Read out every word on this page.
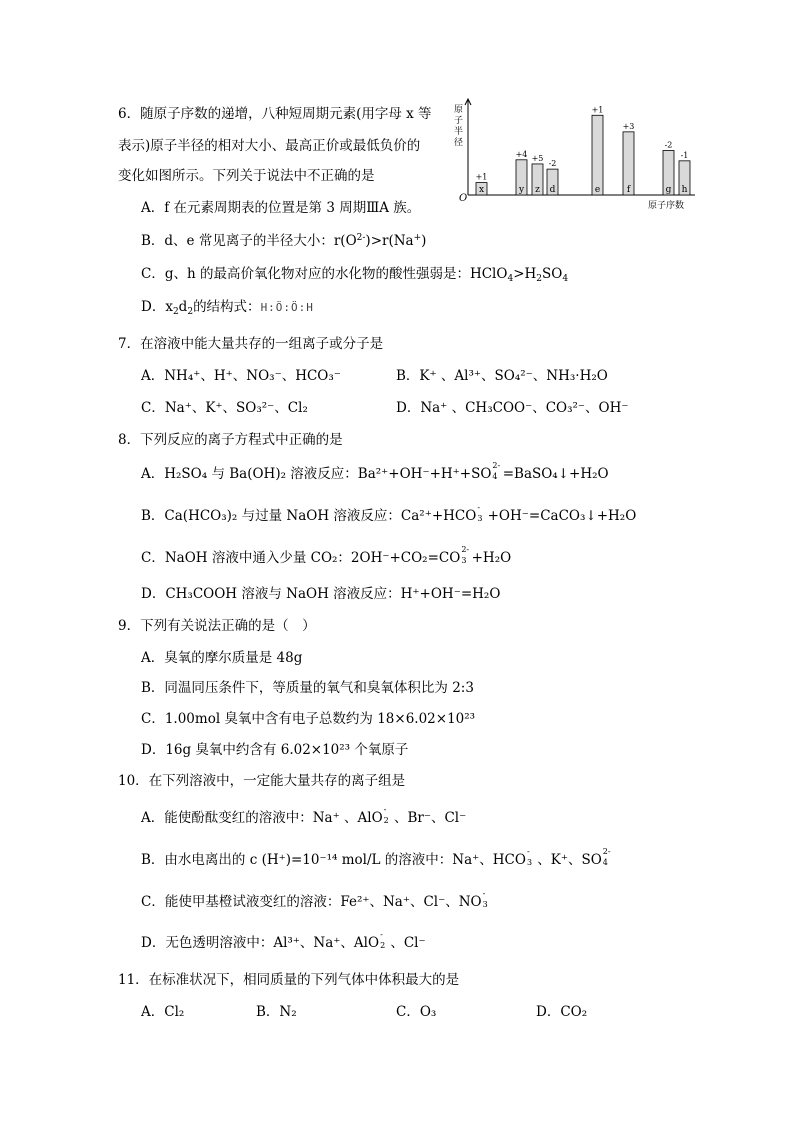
6．随原子序数的递增，八种短周期元素(用字母 x 等
表示)原子半径的相对大小、最高正价或最低负价的
变化如图所示。下列关于说法中不正确的是
A．f 在元素周期表的位置是第 3 周期ⅢA 族。
B．d、e 常见离子的半径大小：$r(O^{2-})>r(Na^+)$
C．g、h 的最高价氧化物对应的水化物的酸性强弱是：$HClO_4>H_2SO_4$
D．$x_2d_2$的结构式：H:Ö:Ö:H
O
原子半径
原子序数
x
+1
y
+4
z
+5
d
-2
e
+1
f
+3
g
-2
h
-1
7．在溶液中能大量共存的一组离子或分子是
A．NH₄⁺、H⁺、NO₃⁻、HCO₃⁻	B．K⁺ 、Al³⁺、SO₄²⁻、NH₃·H₂O
C．Na⁺、K⁺、SO₃²⁻、Cl₂	D．Na⁺ 、CH₃COO⁻、CO₃²⁻、OH⁻
8．下列反应的离子方程式中正确的是
A．H₂SO₄ 与 Ba(OH)₂ 溶液反应：Ba²⁺+OH⁻+H⁺+SO
2-
4 =BaSO₄↓+H₂O
B．Ca(HCO₃)₂ 与过量 NaOH 溶液反应：Ca²⁺+HCO
-
3 +OH⁻=CaCO₃↓+H₂O
C．NaOH 溶液中通入少量 CO₂：2OH⁻+CO₂=CO
2-
3 +H₂O
D．CH₃COOH 溶液与 NaOH 溶液反应：H⁺+OH⁻=H₂O
9．下列有关说法正确的是（　）
A．臭氧的摩尔质量是 48g
B．同温同压条件下，等质量的氧气和臭氧体积比为 2:3
C．1.00mol 臭氧中含有电子总数约为 18×6.02×10²³
D．16g 臭氧中约含有 6.02×10²³ 个氧原子
10．在下列溶液中，一定能大量共存的离子组是
A．能使酚酞变红的溶液中：Na⁺ 、AlO
-
2 、Br⁻、Cl⁻
B．由水电离出的 c (H⁺)=10⁻¹⁴ mol/L 的溶液中：Na⁺、HCO
-
3 、K⁺、SO
2-
4
C．能使甲基橙试液变红的溶液：Fe²⁺、Na⁺、Cl⁻、NO
-
3
D．无色透明溶液中：Al³⁺、Na⁺、AlO
-
2 、Cl⁻
11．在标准状况下，相同质量的下列气体中体积最大的是
A．Cl₂	B．N₂	C．O₃	D．CO₂
